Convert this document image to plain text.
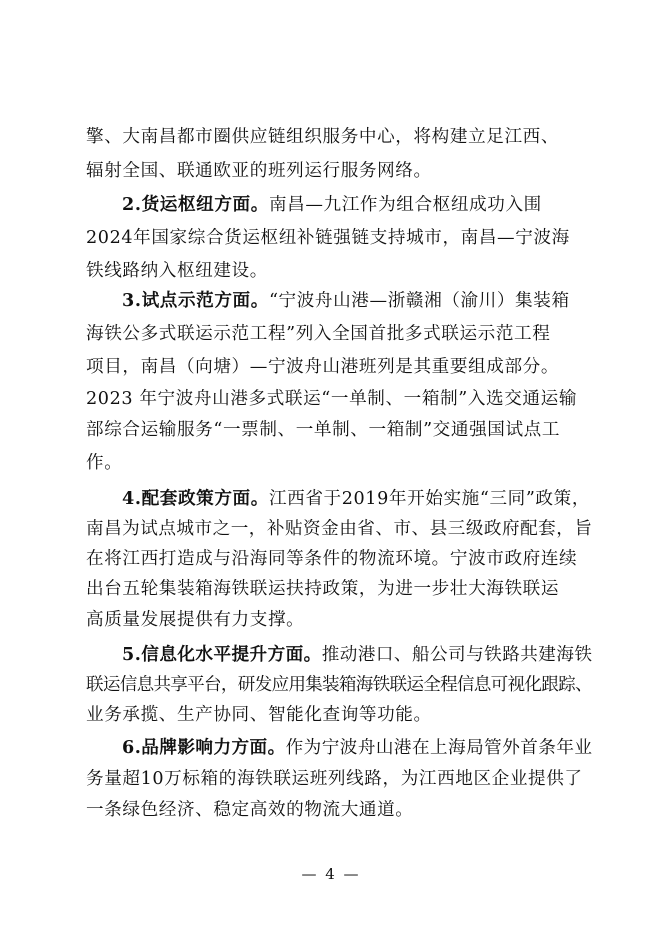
擎、大南昌都市圈供应链组织服务中心，将构建立足江西、
辐射全国、联通欧亚的班列运行服务网络。
2.货运枢纽方面。南昌—九江作为组合枢纽成功入围
2024年国家综合货运枢纽补链强链支持城市，南昌—宁波海
铁线路纳入枢纽建设。
3.试点示范方面。“宁波舟山港—浙赣湘（渝川）集装箱
海铁公多式联运示范工程”列入全国首批多式联运示范工程
项目，南昌（向塘）—宁波舟山港班列是其重要组成部分。
2023 年宁波舟山港多式联运“一单制、一箱制”入选交通运输
部综合运输服务“一票制、一单制、一箱制”交通强国试点工
作。
4.配套政策方面。江西省于2019年开始实施“三同”政策，
南昌为试点城市之一，补贴资金由省、市、县三级政府配套，旨
在将江西打造成与沿海同等条件的物流环境。宁波市政府连续
出台五轮集装箱海铁联运扶持政策，为进一步壮大海铁联运
高质量发展提供有力支撑。
5.信息化水平提升方面。推动港口、船公司与铁路共建海铁
联运信息共享平台，研发应用集装箱海铁联运全程信息可视化跟踪、
业务承揽、生产协同、智能化查询等功能。
6.品牌影响力方面。作为宁波舟山港在上海局管外首条年业
务量超10万标箱的海铁联运班列线路，为江西地区企业提供了
一条绿色经济、稳定高效的物流大通道。
— 4 —
